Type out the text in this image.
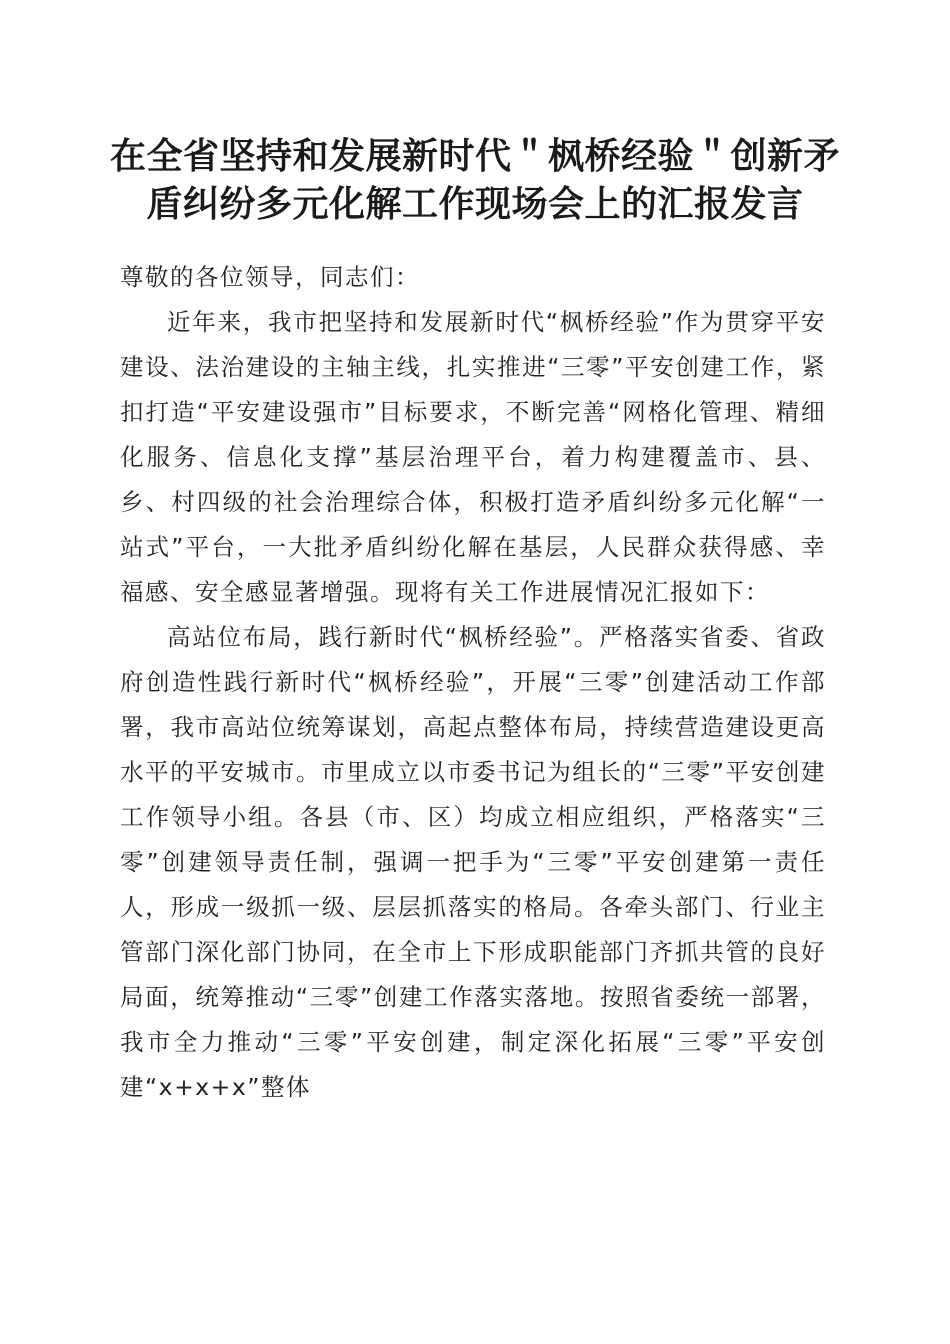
在全省坚持和发展新时代＂枫桥经验＂创新矛盾纠纷多元化解工作现场会上的汇报发言

尊敬的各位领导，同志们：

近年来，我市把坚持和发展新时代“枫桥经验”作为贯穿平安建设、法治建设的主轴主线，扎实推进“三零”平安创建工作，紧扣打造“平安建设强市”目标要求，不断完善“网格化管理、精细化服务、信息化支撑”基层治理平台，着力构建覆盖市、县、乡、村四级的社会治理综合体，积极打造矛盾纠纷多元化解“一站式”平台，一大批矛盾纠纷化解在基层，人民群众获得感、幸福感、安全感显著增强。现将有关工作进展情况汇报如下：

高站位布局，践行新时代“枫桥经验”。严格落实省委、省政府创造性践行新时代“枫桥经验”，开展“三零”创建活动工作部署，我市高站位统筹谋划，高起点整体布局，持续营造建设更高水平的平安城市。市里成立以市委书记为组长的“三零”平安创建工作领导小组。各县（市、区）均成立相应组织，严格落实“三零”创建领导责任制，强调一把手为“三零”平安创建第一责任人，形成一级抓一级、层层抓落实的格局。各牵头部门、行业主管部门深化部门协同，在全市上下形成职能部门齐抓共管的良好局面，统筹推动“三零”创建工作落实落地。按照省委统一部署，我市全力推动“三零”平安创建，制定深化拓展“三零”平安创建“x+x+x”整体
